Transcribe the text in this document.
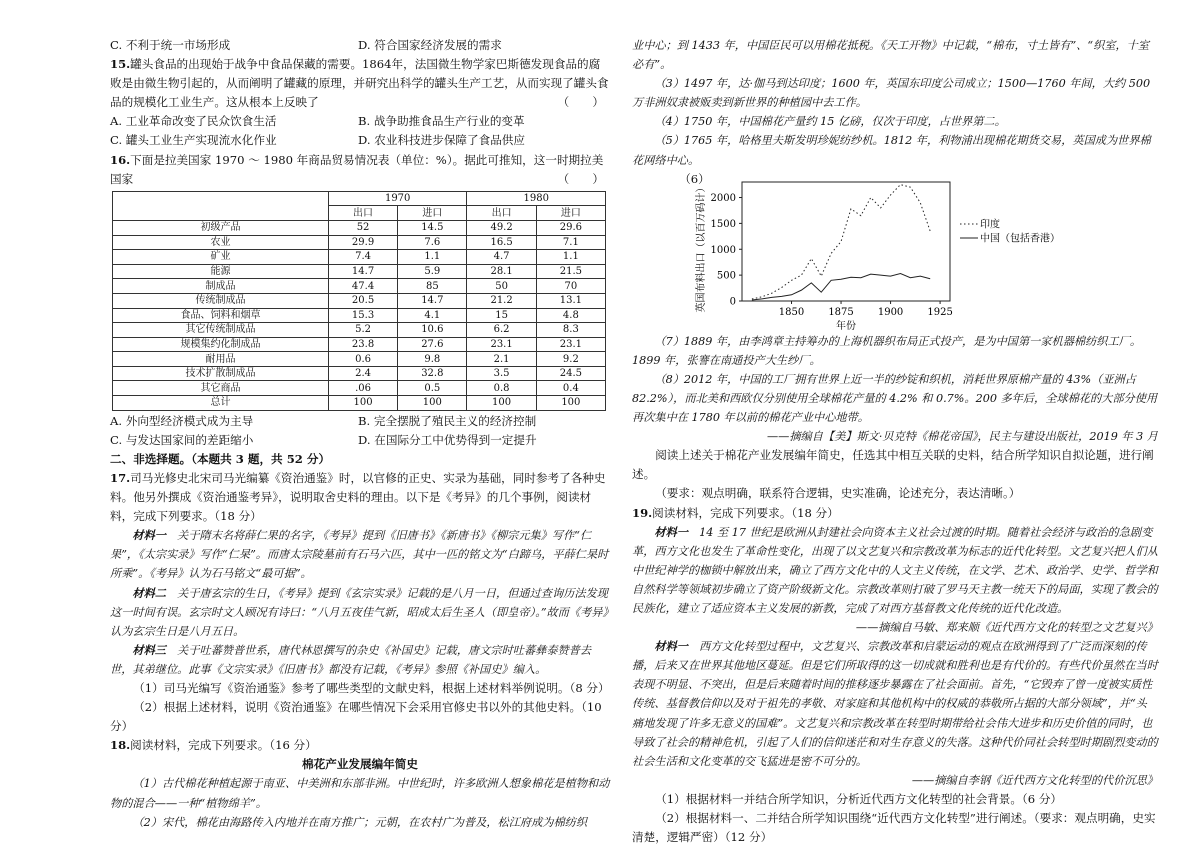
C. 不利于统一市场形成	D. 符合国家经济发展的需求

15.罐头食品的出现始于战争中食品保藏的需要。1864年，法国微生物学家巴斯德发现食品的腐败是由微生物引起的，从而阐明了罐藏的原理，并研究出科学的罐头生产工艺，从而实现了罐头食品的规模化工业生产。这从根本上反映了	（　　）

A. 工业革命改变了民众饮食生活	B. 战争助推食品生产行业的变革
C. 罐头工业生产实现流水化作业	D. 农业科技进步保障了食品供应

16.下面是拉美国家 1970 ～ 1980 年商品贸易情况表（单位：%）。据此可推知，这一时期拉美国家	（　　）

	1970		1980	
	出口	进口	出口	进口
初级产品	52	14.5	49.2	29.6
农业	29.9	7.6	16.5	7.1
矿业	7.4	1.1	4.7	1.1
能源	14.7	5.9	28.1	21.5
制成品	47.4	85	50	70
传统制成品	20.5	14.7	21.2	13.1
食品、饲料和烟草	15.3	4.1	15	4.8
其它传统制成品	5.2	10.6	6.2	8.3
规模集约化制成品	23.8	27.6	23.1	23.1
耐用品	0.6	9.8	2.1	9.2
技术扩散制成品	2.4	32.8	3.5	24.5
其它商品	.06	0.5	0.8	0.4
总计	100	100	100	100
A. 外向型经济模式成为主导	B. 完全摆脱了殖民主义的经济控制
C. 与发达国家间的差距缩小	D. 在国际分工中优势得到一定提升

二、非选择题。（本题共 3 题，共 52 分）

17.司马光修史北宋司马光编纂《资治通鉴》时，以官修的正史、实录为基础，同时参考了各种史料。他另外撰成《资治通鉴考异》，说明取舍史料的理由。以下是《考异》的几个事例，阅读材料，完成下列要求。（18 分）

材料一　 关于隋末名将薛仁果的名字，《考异》提到《旧唐书》《新唐书》《柳宗元集》写作“仁果”，《太宗实录》写作“仁杲”。而唐太宗陵墓前有石马六匹，其中一匹的铭文为“白蹄乌，平薛仁杲时所乘”。《考异》认为石马铭文“最可据”。

材料二　 关于唐玄宗的生日，《考异》提到《玄宗实录》记载的是八月一日，但通过查询历法发现这一时间有误。玄宗时文人顾况有诗曰：“八月五夜佳气新，昭成太后生圣人（即皇帝）。”故而《考异》认为玄宗生日是八月五日。

材料三　 关于吐蕃赞普世系，唐代林恩撰写的杂史《补国史》记载，唐文宗时吐蕃彝泰赞普去世，其弟继位。此事《文宗实录》《旧唐书》都没有记载，《考异》参照《补国史》编入。

（1）司马光编写《资治通鉴》参考了哪些类型的文献史料，根据上述材料举例说明。（8 分）

（2）根据上述材料，说明《资治通鉴》在哪些情况下会采用官修史书以外的其他史料。（10 分）

18.阅读材料，完成下列要求。（16 分）

棉花产业发展编年简史

（1）古代棉花种植起源于南亚、中美洲和东部非洲。中世纪时，许多欧洲人想象棉花是植物和动物的混合——一种“植物绵羊”。

（2）宋代，棉花由海路传入内地并在南方推广；元朝，在农村广为普及，松江府成为棉纺织

业中心；到 1433 年，中国臣民可以用棉花抵税。《天工开物》中记载，“棉布，寸土皆有”、“织室，十室必有”。

（3）1497 年，达·伽马到达印度；1600 年，英国东印度公司成立；1500—1760 年间，大约 500 万非洲奴隶被贩卖到新世界的种植园中去工作。

（4）1750 年，中国棉花产量约 15 亿磅，仅次于印度，占世界第二。

（5）1765 年，哈格里夫斯发明珍妮纺纱机。1812 年，利物浦出现棉花期货交易，英国成为世界棉花网络中心。

（6）
0
500
1000
1500
2000
1850 1875 1900 1925
年份
英国布料出口（以百万码计）	印度
中国（包括香港）

（7）1889 年，由李鸿章主持筹办的上海机器织布局正式投产，是为中国第一家机器棉纺织工厂。1899 年，张謇在南通投产大生纱厂。

（8）2012 年，中国的工厂拥有世界上近一半的纱锭和织机，消耗世界原棉产量的 43%（亚洲占 82.2%），而北美和西欧仅分别使用全球棉花产量的 4.2% 和 0.7%。200 多年后，全球棉花的大部分使用再次集中在 1780 年以前的棉花产业中心地带。

——摘编自【美】斯文·贝克特《棉花帝国》，民主与建设出版社，2019 年 3 月

阅读上述关于棉花产业发展编年简史，任选其中相互关联的史料，结合所学知识自拟论题，进行阐述。

（要求：观点明确，联系符合逻辑，史实准确，论述充分，表达清晰。）

19.阅读材料，完成下列要求。（18 分）

材料一　 14 至 17 世纪是欧洲从封建社会向资本主义社会过渡的时期。随着社会经济与政治的急剧变革，西方文化也发生了革命性变化，出现了以文艺复兴和宗教改革为标志的近代化转型。文艺复兴把人们从中世纪神学的枷锁中解放出来，确立了西方文化中的人文主义传统，在文学、艺术、政治学、史学、哲学和自然科学等领域初步确立了资产阶级新文化。宗教改革则打破了罗马天主教一统天下的局面，实现了教会的民族化，建立了适应资本主义发展的新教，完成了对西方基督教文化传统的近代化改造。

——摘编自马敏、郑来顺《近代西方文化的转型之文艺复兴》

材料一　 西方文化转型过程中，文艺复兴、宗教改革和启蒙运动的观点在欧洲得到了广泛而深刻的传播，后来又在世界其他地区蔓延。但是它们所取得的这一切成就和胜利也是有代价的。有些代价虽然在当时表现不明显、不突出，但是后来随着时间的推移逐步暴露在了社会面前。首先，“它毁弃了曾一度被实质性传统、基督教信仰以及对于祖先的孝敬、对家庭和其他机构中的权威的恭敬所占据的大部分领域”，并“头痛地发现了许多无意义的国难”。文艺复兴和宗教改革在转型时期带给社会伟大进步和历史价值的同时，也导致了社会的精神危机，引起了人们的信仰迷茫和对生存意义的失落。这种代价同社会转型时期剧烈变动的社会生活和文化变革的交飞猛进是密不可分的。

——摘编自李钢《近代西方文化转型的代价沉思》

（1）根据材料一并结合所学知识，分析近代西方文化转型的社会背景。（6 分）

（2）根据材料一、二并结合所学知识围绕“近代西方文化转型”进行阐述。（要求：观点明确，史实清楚，逻辑严密）（12 分）
